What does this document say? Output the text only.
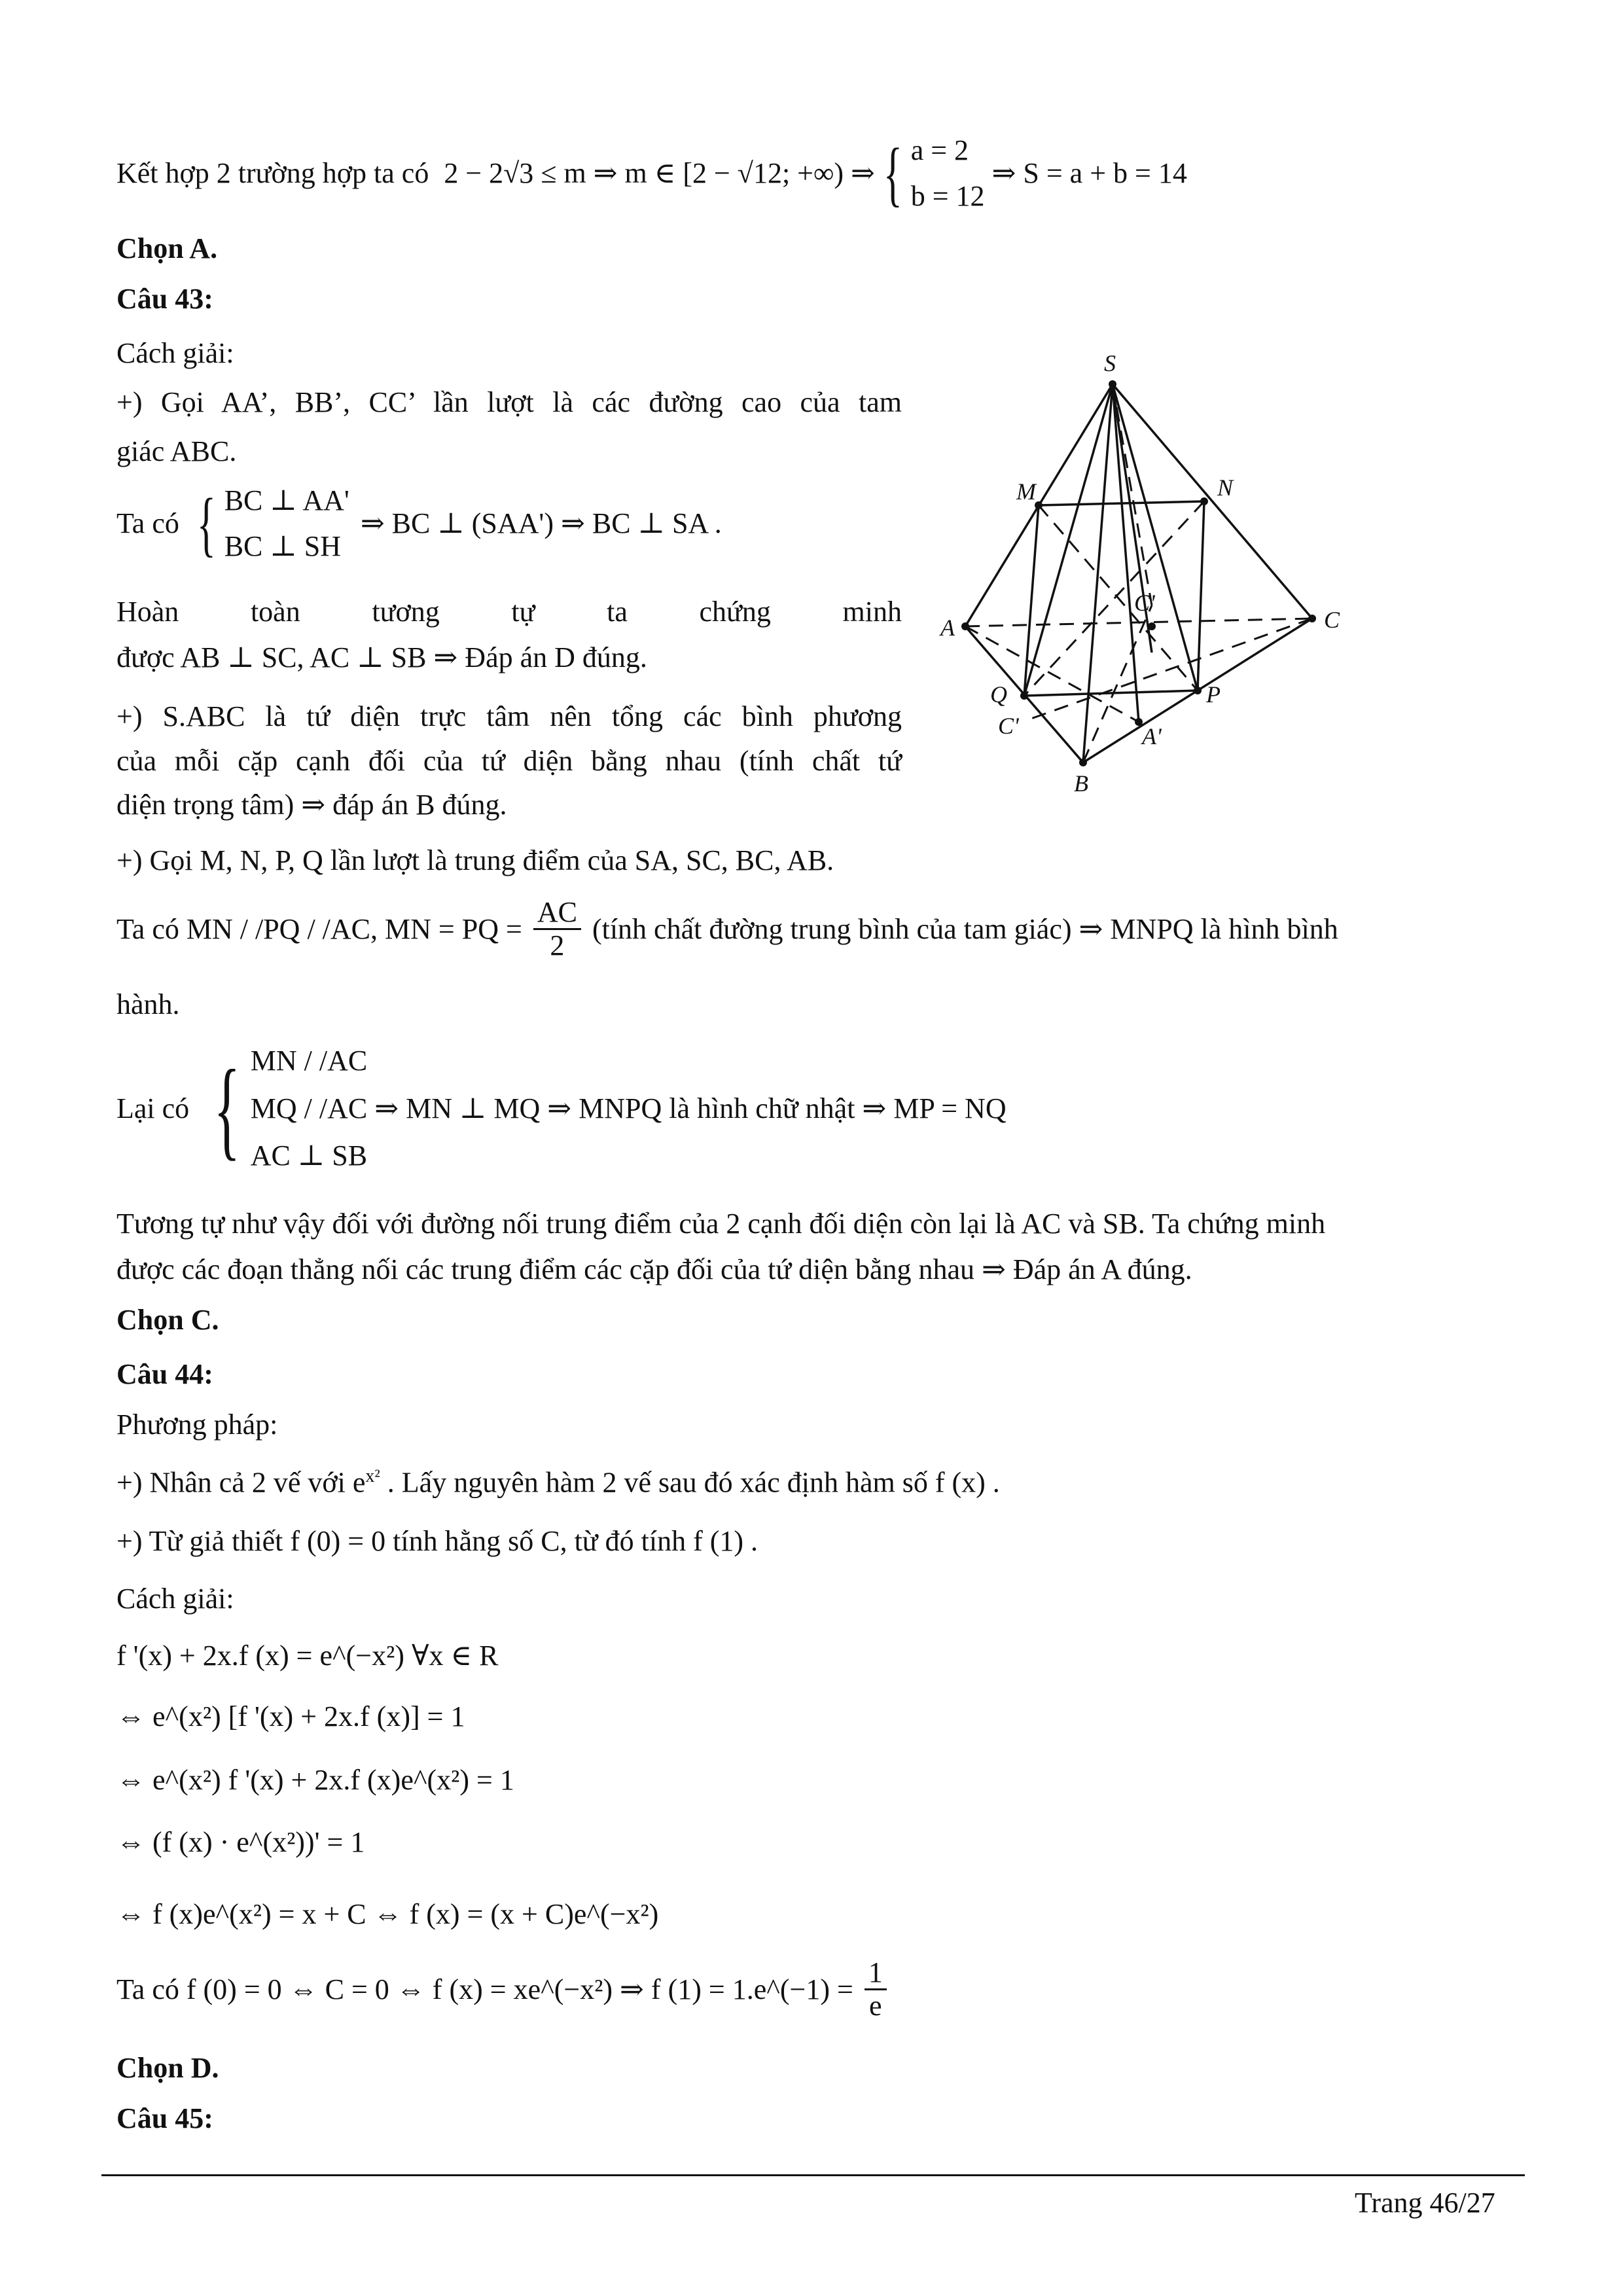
Kết hợp 2 trường hợp ta có 2 − 2√3 ≤ m ⇒ m ∈ [2 − √12; +∞) ⇒ { a = 2
b = 12
⇒ S = a + b = 14
Chọn A.
Câu 43:
Cách giải:
+) Gọi AA’, BB’, CC’ lần lượt là các đường cao của tam
giác ABC.
Ta có { BC ⊥ AA'
BC ⊥ SH
⇒ BC ⊥ (SAA') ⇒ BC ⊥ SA .
Hoàn toàn tương tự ta chứng minh
được AB ⊥ SC, AC ⊥ SB ⇒ Đáp án D đúng.
+) S.ABC là tứ diện trực tâm nên tổng các bình phương
của mỗi cặp cạnh đối của tứ diện bằng nhau (tính chất tứ
diện trọng tâm) ⇒ đáp án B đúng.
+) Gọi M, N, P, Q lần lượt là trung điểm của SA, SC, BC, AB.
Ta có MN / /PQ / /AC, MN = PQ = $\frac{AC}{2}$ (tính chất đường trung bình của tam giác) ⇒ MNPQ là hình bình
hành.
Lại có { MN / /AC
MQ / /AC ⇒ MN ⊥ MQ ⇒ MNPQ là hình chữ nhật ⇒ MP = NQ
AC ⊥ SB
Tương tự như vậy đối với đường nối trung điểm của 2 cạnh đối diện còn lại là AC và SB. Ta chứng minh
được các đoạn thẳng nối các trung điểm các cặp đối của tứ diện bằng nhau ⇒ Đáp án A đúng.
Chọn C.
Câu 44:
Phương pháp:
+) Nhân cả 2 vế với $e^{x^2}$ . Lấy nguyên hàm 2 vế sau đó xác định hàm số f (x) .
+) Từ giả thiết f (0) = 0 tính hằng số C, từ đó tính f (1) .
Cách giải:
f '(x) + 2x.f (x) = e^(−x²) ∀x ∈ R
⇔ e^(x²) [f '(x) + 2x.f (x)] = 1
⇔ e^(x²) f '(x) + 2x.f (x)e^(x²) = 1
⇔ (f (x) · e^(x²))' = 1
⇔ f (x)e^(x²) = x + C ⇔ f (x) = (x + C)e^(−x²)
Ta có f (0) = 0 ⇔ C = 0 ⇔ f (x) = xe^(−x²) ⇒ f (1) = 1.e^(−1) = $\frac{1}{e}$
Chọn D.
Câu 45:
S
M	N
A	C
C'
Q	P
C'	A'
B
Trang 46/27
